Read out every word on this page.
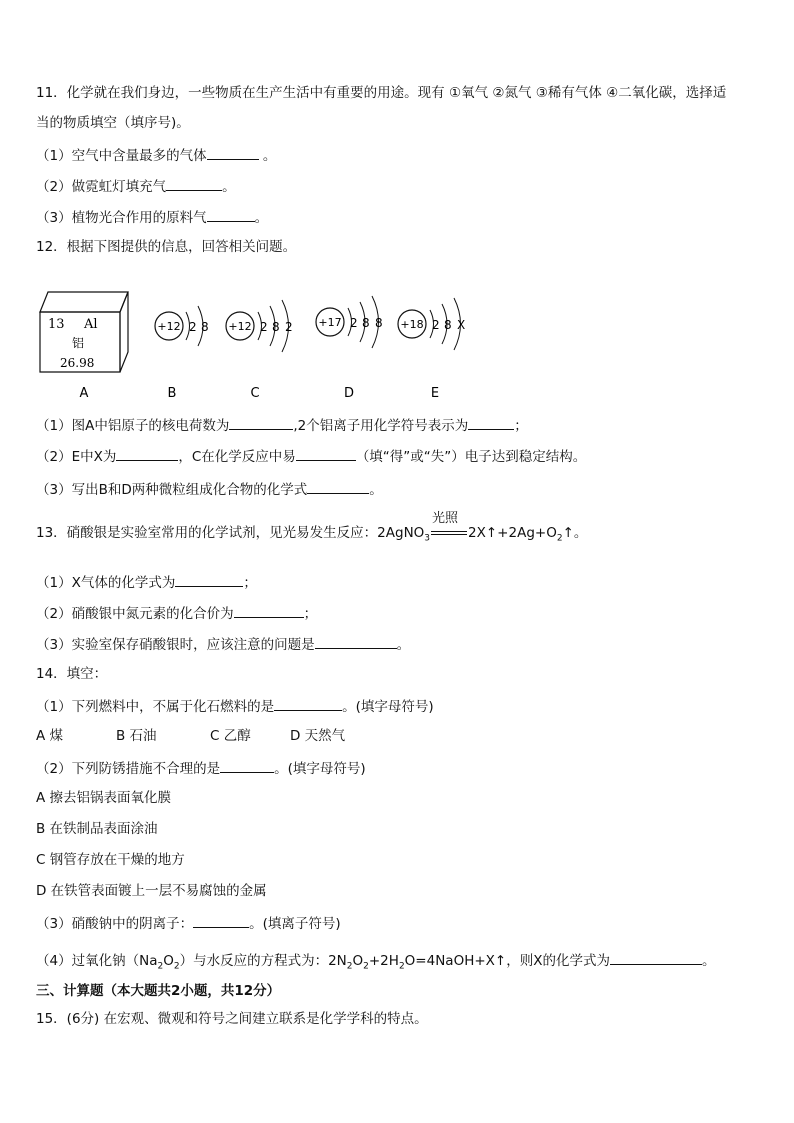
11．化学就在我们身边，一些物质在生产生活中有重要的用途。现有 ①氧气 ②氮气 ③稀有气体 ④二氧化碳，选择适
当的物质填空（填序号)。
（1）空气中含量最多的气体	。
（2）做霓虹灯填充气	。
（3）植物光合作用的原料气	。
12．根据下图提供的信息，回答相关问题。
13 Al
铝
26.98
A
+12 2 8
B
+12 2 8 2
C
+17 2 8 8
D
+18 2 8 X
E
（1）图A中铝原子的核电荷数为	,2个铝离子用化学符号表示为	；
（2）E中X为	，C在化学反应中易	（填“得”或“失”）电子达到稳定结构。
（3）写出B和D两种微粒组成化合物的化学式	。
13．硝酸银是实验室常用的化学试剂，见光易发生反应：2AgNO$_3$
光照
$2X↑+2Ag+O_2↑$。
（1）X气体的化学式为	；
（2）硝酸银中氮元素的化合价为	；
（3）实验室保存硝酸银时，应该注意的问题是	。
14．填空：
（1）下列燃料中，不属于化石燃料的是	。(填字母符号)
A 煤	B 石油	C 乙醇	D 天然气
（2）下列防锈措施不合理的是	。(填字母符号)
A 擦去铝锅表面氧化膜
B 在铁制品表面涂油
C 钢管存放在干燥的地方
D 在铁管表面镀上一层不易腐蚀的金属
（3）硝酸钠中的阴离子：	。(填离子符号)
（4）过氧化钠$(Na_2O_2)$与水反应的方程式为：$2N_2O_2+2H_2O=4NaOH+X↑$，则X的化学式为	。
三、计算题（本大题共2小题，共12分）
15．(6分) 在宏观、微观和符号之间建立联系是化学学科的特点。
